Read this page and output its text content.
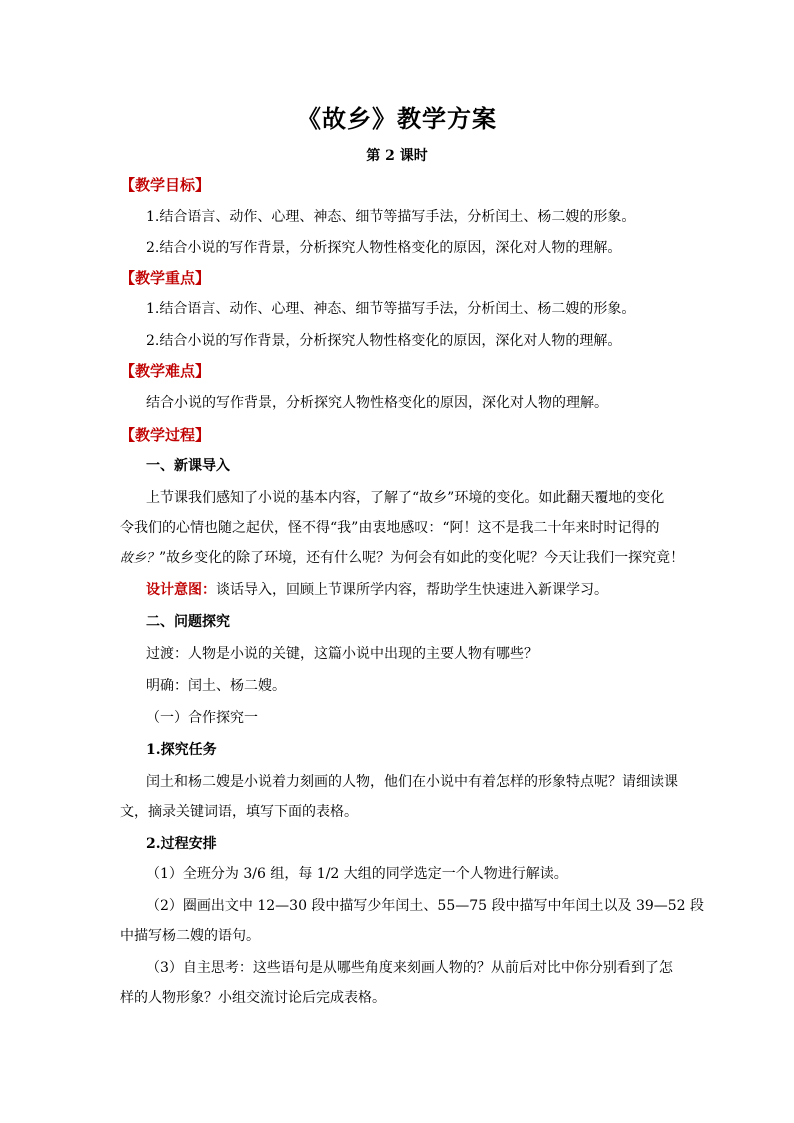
《故乡》教学方案
第 2 课时
【教学目标】
1.结合语言、动作、心理、神态、细节等描写手法，分析闰土、杨二嫂的形象。
2.结合小说的写作背景，分析探究人物性格变化的原因，深化对人物的理解。
【教学重点】
1.结合语言、动作、心理、神态、细节等描写手法，分析闰土、杨二嫂的形象。
2.结合小说的写作背景，分析探究人物性格变化的原因，深化对人物的理解。
【教学难点】
结合小说的写作背景，分析探究人物性格变化的原因，深化对人物的理解。
【教学过程】
一、新课导入
上节课我们感知了小说的基本内容，了解了“故乡”环境的变化。如此翻天覆地的变化
令我们的心情也随之起伏，怪不得“我”由衷地感叹：“阿！这不是我二十年来时时记得的
故乡？”故乡变化的除了环境，还有什么呢？为何会有如此的变化呢？今天让我们一探究竟！
设计意图：谈话导入，回顾上节课所学内容，帮助学生快速进入新课学习。
二、问题探究
过渡：人物是小说的关键，这篇小说中出现的主要人物有哪些？
明确：闰土、杨二嫂。
（一）合作探究一
1.探究任务
闰土和杨二嫂是小说着力刻画的人物，他们在小说中有着怎样的形象特点呢？请细读课
文，摘录关键词语，填写下面的表格。
2.过程安排
（1）全班分为 3/6 组，每 1/2 大组的同学选定一个人物进行解读。
（2）圈画出文中 12—30 段中描写少年闰土、55—75 段中描写中年闰土以及 39—52 段
中描写杨二嫂的语句。
（3）自主思考：这些语句是从哪些角度来刻画人物的？从前后对比中你分别看到了怎
样的人物形象？小组交流讨论后完成表格。
